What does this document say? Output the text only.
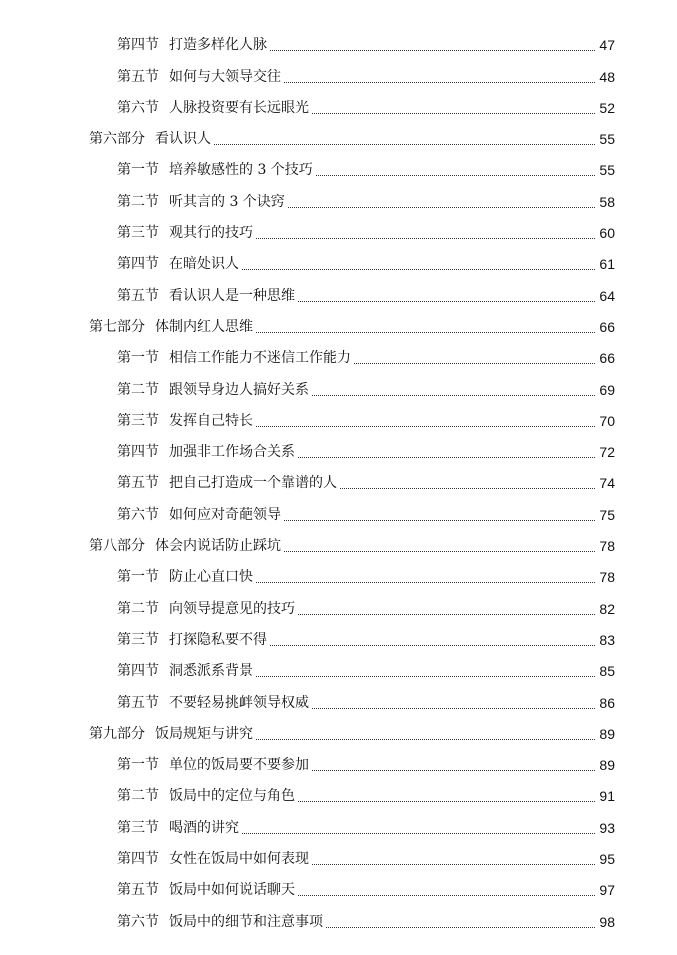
第四节 打造多样化人脉	47
第五节 如何与大领导交往	48
第六节 人脉投资要有长远眼光	52
第六部分 看认识人	55
第一节 培养敏感性的 3 个技巧	55
第二节 听其言的 3 个诀窍	58
第三节 观其行的技巧	60
第四节 在暗处识人	61
第五节 看认识人是一种思维	64
第七部分 体制内红人思维	66
第一节 相信工作能力不迷信工作能力	66
第二节 跟领导身边人搞好关系	69
第三节 发挥自己特长	70
第四节 加强非工作场合关系	72
第五节 把自己打造成一个靠谱的人	74
第六节 如何应对奇葩领导	75
第八部分 体会内说话防止踩坑	78
第一节 防止心直口快	78
第二节 向领导提意见的技巧	82
第三节 打探隐私要不得	83
第四节 洞悉派系背景	85
第五节 不要轻易挑衅领导权威	86
第九部分 饭局规矩与讲究	89
第一节 单位的饭局要不要参加	89
第二节 饭局中的定位与角色	91
第三节 喝酒的讲究	93
第四节 女性在饭局中如何表现	95
第五节 饭局中如何说话聊天	97
第六节 饭局中的细节和注意事项	98
